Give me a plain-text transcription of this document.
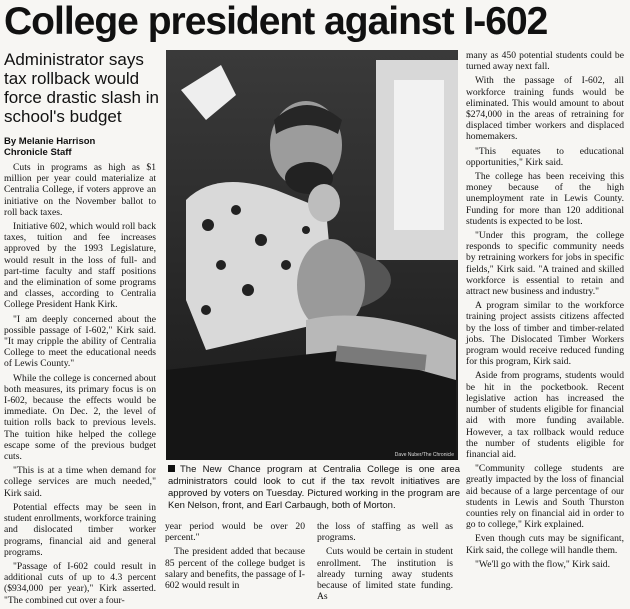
College president against I-602
Administrator says tax rollback would force drastic slash in school's budget
By Melanie Harrison
Chronicle Staff

Cuts in programs as high as $1 million per year could materialize at Centralia College, if voters approve an initiative on the November ballot to roll back taxes.

Initiative 602, which would roll back taxes, tuition and fee increases approved by the 1993 Legislature, would result in the loss of full- and part-time faculty and staff positions and the elimination of some programs and classes, according to Centralia College President Hank Kirk.

"I am deeply concerned about the possible passage of I-602," Kirk said. "It may cripple the ability of Centralia College to meet the educational needs of Lewis County."

While the college is concerned about both measures, its primary focus is on I-602, because the effects would be immediate. On Dec. 2, the level of tuition rolls back to previous levels. The tuition hike helped the college escape some of the previous budget cuts.

"This is at a time when demand for college services are much needed," Kirk said.

Potential effects may be seen in student enrollments, workforce training and dislocated timber worker programs, financial aid and general programs.

"Passage of I-602 could result in additional cuts of up to 4.3 percent ($934,000 per year)," Kirk asserted. "The combined cut over a four-

Dave Nuber/The Chronicle
The New Chance program at Centralia College is one area administrators could look to cut if the tax revolt initiatives are approved by voters on Tuesday. Pictured working in the program are Ken Nelson, front, and Earl Carbaugh, both of Morton.

year period would be over 20 percent."

The president added that because 85 percent of the college budget is salary and benefits, the passage of I-602 would result in

the loss of staffing as well as programs.

Cuts would be certain in student enrollment. The institution is already turning away students because of limited state funding. As

many as 450 potential students could be turned away next fall.

With the passage of I-602, all workforce training funds would be eliminated. This would amount to about $274,000 in the areas of retraining for displaced timber workers and displaced homemakers.

"This equates to educational opportunities," Kirk said.

The college has been receiving this money because of the high unemployment rate in Lewis County. Funding for more than 120 additional students is expected to be lost.

"Under this program, the college responds to specific community needs by retraining workers for jobs in specific fields," Kirk said. "A trained and skilled workforce is essential to retain and attract new business and industry."

A program similar to the workforce training project assists citizens affected by the loss of timber and timber-related jobs. The Dislocated Timber Workers program would receive reduced funding for this program, Kirk said.

Aside from programs, students would be hit in the pocketbook. Recent legislative action has increased the number of students eligible for financial aid with more funding available. However, a tax rollback would reduce the number of students eligible for financial aid.

"Community college students are greatly impacted by the loss of financial aid because of a large percentage of our students in Lewis and South Thurston counties rely on financial aid in order to go to college," Kirk explained.

Even though cuts may be significant, Kirk said, the college will handle them.

"We'll go with the flow," Kirk said.
